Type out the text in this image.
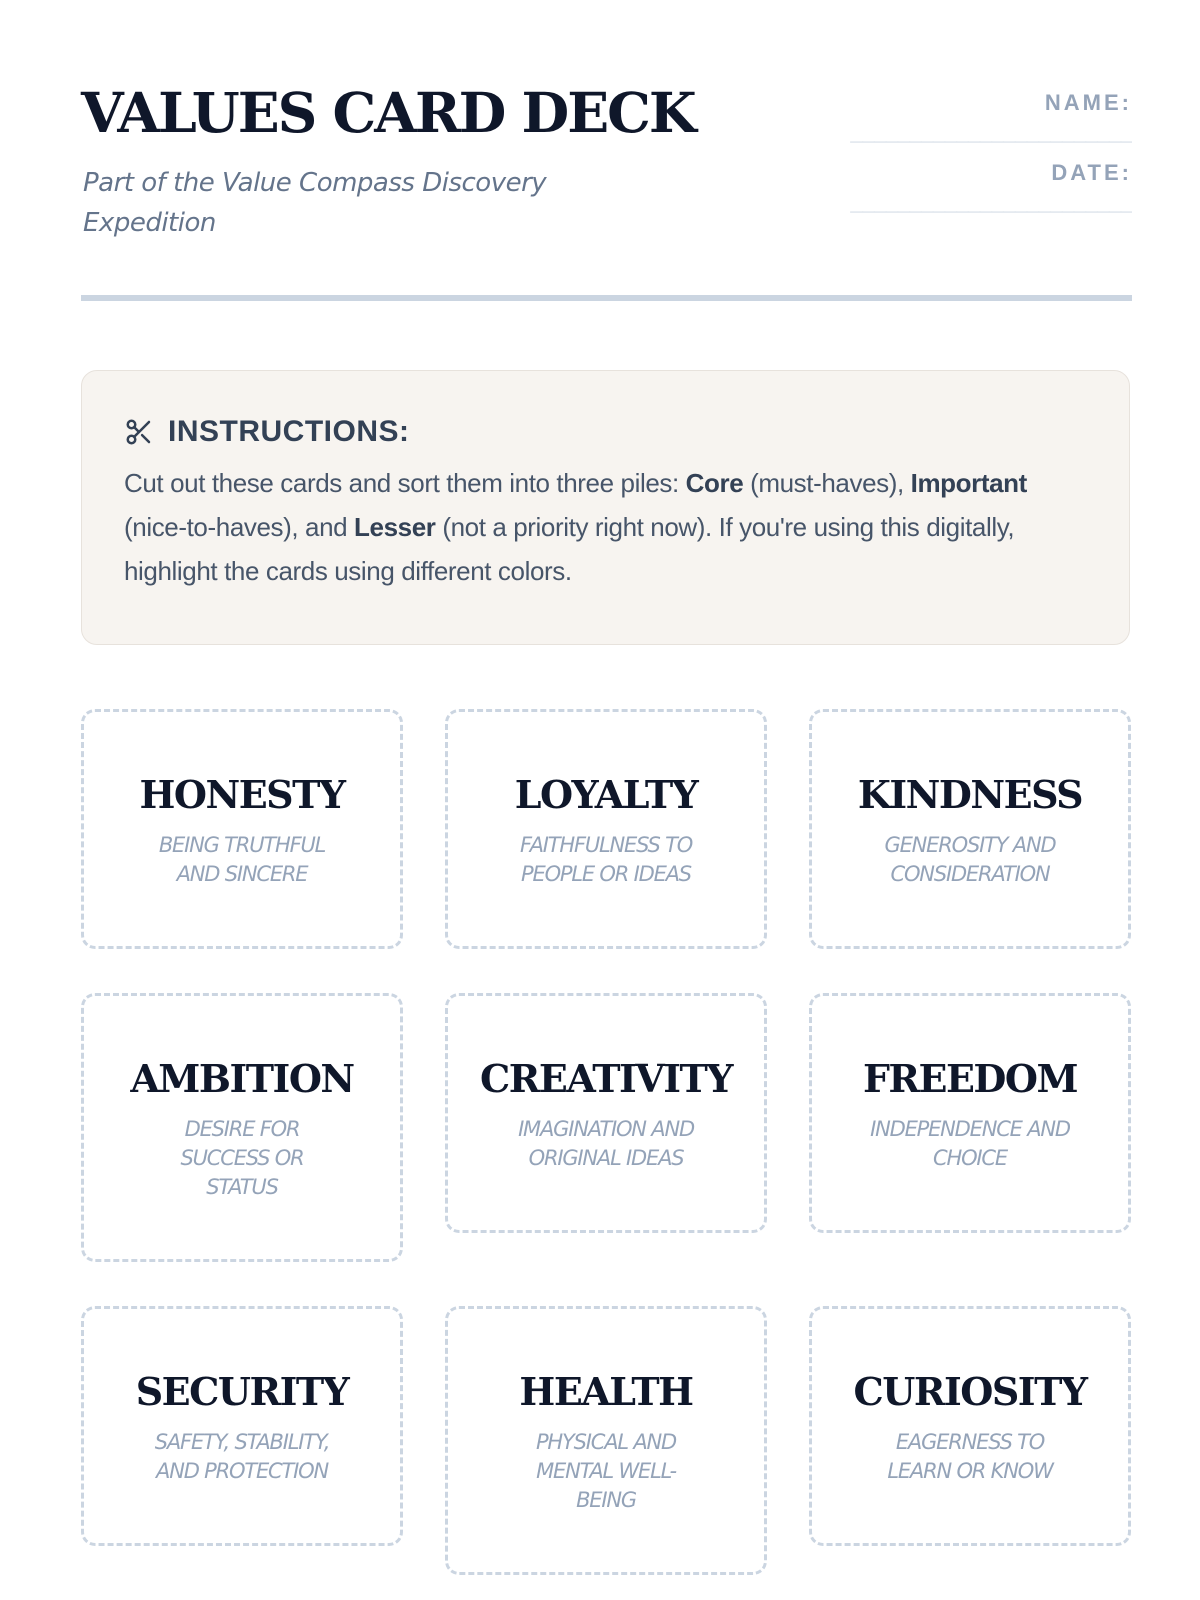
VALUES CARD DECK

Part of the Value Compass Discovery Expedition

NAME:
________________________
DATE:
________________________
INSTRUCTIONS:
Cut out these cards and sort them into three piles: Core (must-haves), Important (nice-to-haves), and Lesser (not a priority right now). If you're using this digitally, highlight the cards using different colors.
HONESTY
BEING TRUTHFUL AND SINCERE
LOYALTY
FAITHFULNESS TO PEOPLE OR IDEAS
KINDNESS
GENEROSITY AND CONSIDERATION
AMBITION
DESIRE FOR SUCCESS OR STATUS
CREATIVITY
IMAGINATION AND ORIGINAL IDEAS
FREEDOM
INDEPENDENCE AND CHOICE
SECURITY
SAFETY, STABILITY, AND PROTECTION
HEALTH
PHYSICAL AND MENTAL WELL-BEING
CURIOSITY
EAGERNESS TO LEARN OR KNOW
